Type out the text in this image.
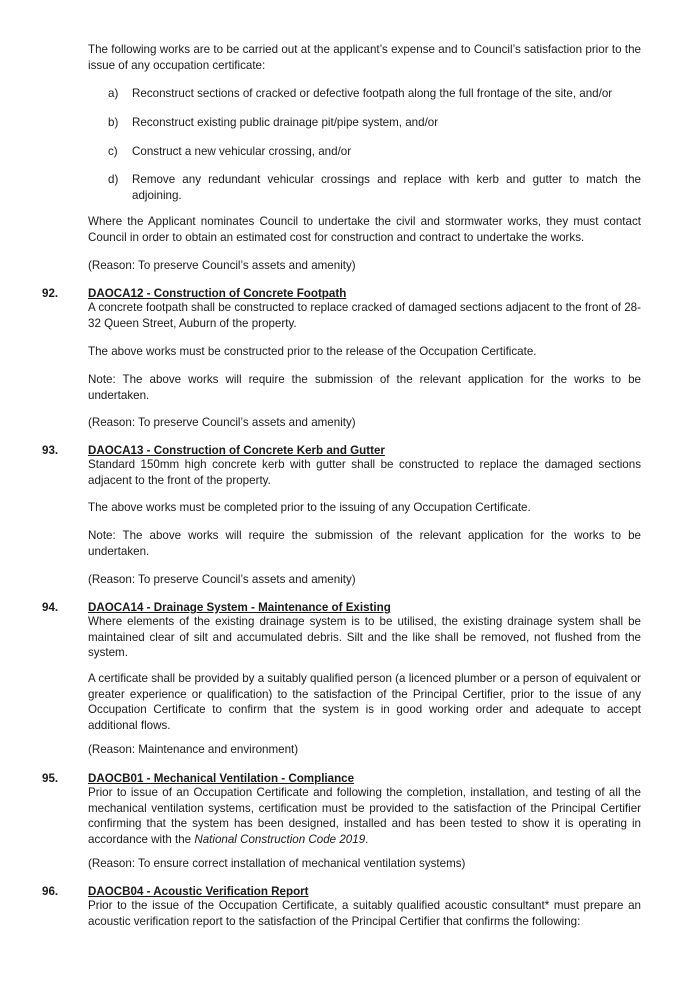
The following works are to be carried out at the applicant’s expense and to Council’s satisfaction prior to the issue of any occupation certificate:

a) Reconstruct sections of cracked or defective footpath along the full frontage of the site, and/or

b) Reconstruct existing public drainage pit/pipe system, and/or

c) Construct a new vehicular crossing, and/or

d) Remove any redundant vehicular crossings and replace with kerb and gutter to match the adjoining.

Where the Applicant nominates Council to undertake the civil and stormwater works, they must contact Council in order to obtain an estimated cost for construction and contract to undertake the works.

(Reason: To preserve Council’s assets and amenity)

92.	DAOCA12 - Construction of Concrete Footpath

A concrete footpath shall be constructed to replace cracked of damaged sections adjacent to the front of 28-32 Queen Street, Auburn of the property.

The above works must be constructed prior to the release of the Occupation Certificate.

Note: The above works will require the submission of the relevant application for the works to be undertaken.

(Reason: To preserve Council’s assets and amenity)

93.	DAOCA13 - Construction of Concrete Kerb and Gutter

Standard 150mm high concrete kerb with gutter shall be constructed to replace the damaged sections adjacent to the front of the property.

The above works must be completed prior to the issuing of any Occupation Certificate.

Note: The above works will require the submission of the relevant application for the works to be undertaken.

(Reason: To preserve Council’s assets and amenity)

94.	DAOCA14 - Drainage System - Maintenance of Existing

Where elements of the existing drainage system is to be utilised, the existing drainage system shall be maintained clear of silt and accumulated debris. Silt and the like shall be removed, not flushed from the system.

A certificate shall be provided by a suitably qualified person (a licenced plumber or a person of equivalent or greater experience or qualification) to the satisfaction of the Principal Certifier, prior to the issue of any Occupation Certificate to confirm that the system is in good working order and adequate to accept additional flows.

(Reason: Maintenance and environment)

95.	DAOCB01 - Mechanical Ventilation - Compliance

Prior to issue of an Occupation Certificate and following the completion, installation, and testing of all the mechanical ventilation systems, certification must be provided to the satisfaction of the Principal Certifier confirming that the system has been designed, installed and has been tested to show it is operating in accordance with the National Construction Code 2019.

(Reason: To ensure correct installation of mechanical ventilation systems)

96.	DAOCB04 - Acoustic Verification Report

Prior to the issue of the Occupation Certificate, a suitably qualified acoustic consultant* must prepare an acoustic verification report to the satisfaction of the Principal Certifier that confirms the following:
